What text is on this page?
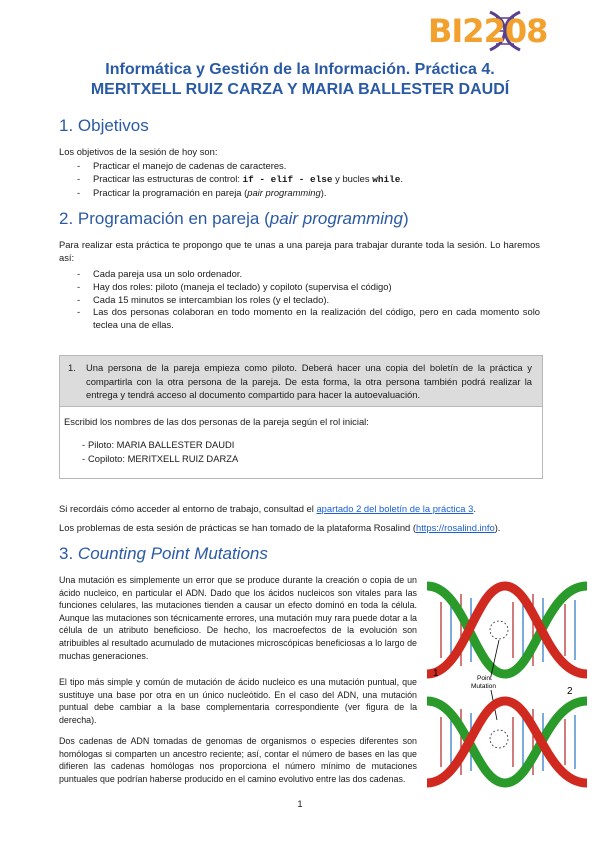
BI2208
Informática y Gestión de la Información. Práctica 4.
MERITXELL RUIZ CARZA Y MARIA BALLESTER DAUDÍ
1. Objetivos

Los objetivos de la sesión de hoy son:

- Practicar el manejo de cadenas de caracteres.
- Practicar las estructuras de control: if - elif - else y bucles while.
- Practicar la programación en pareja (pair programming).
2. Programación en pareja (pair programming)

Para realizar esta práctica te propongo que te unas a una pareja para trabajar durante toda la sesión. Lo haremos así:

- Cada pareja usa un solo ordenador.
- Hay dos roles: piloto (maneja el teclado) y copiloto (supervisa el código)
- Cada 15 minutos se intercambian los roles (y el teclado).
- Las dos personas colaboran en todo momento en la realización del código, pero en cada momento solo teclea una de ellas.
1. Una persona de la pareja empieza como piloto. Deberá hacer una copia del boletín de la práctica y compartirla con la otra persona de la pareja. De esta forma, la otra persona también podrá realizar la entrega y tendrá acceso al documento compartido para hacer la autoevaluación.
Escribid los nombres de las dos personas de la pareja según el rol inicial:
- Piloto: MARIA BALLESTER DAUDI
- Copiloto: MERITXELL RUIZ DARZA

Si recordáis cómo acceder al entorno de trabajo, consultad el apartado 2 del boletín de la práctica 3.

Los problemas de esta sesión de prácticas se han tomado de la plataforma Rosalind (https://rosalind.info).

3. Counting Point Mutations

Una mutación es simplemente un error que se produce durante la creación o copia de un ácido nucleico, en particular el ADN. Dado que los ácidos nucleicos son vitales para las funciones celulares, las mutaciones tienden a causar un efecto dominó en toda la célula. Aunque las mutaciones son técnicamente errores, una mutación muy rara puede dotar a la célula de un atributo beneficioso. De hecho, los macroefectos de la evolución son atribuibles al resultado acumulado de mutaciones microscópicas beneficiosas a lo largo de muchas generaciones.

El tipo más simple y común de mutación de ácido nucleico es una mutación puntual, que sustituye una base por otra en un único nucleótido. En el caso del ADN, una mutación puntual debe cambiar a la base complementaria correspondiente (ver figura de la derecha).

Dos cadenas de ADN tomadas de genomas de organismos o especies diferentes son homólogas si comparten un ancestro reciente; así, contar el número de bases en las que difieren las cadenas homólogas nos proporciona el número mínimo de mutaciones puntuales que podrían haberse producido en el camino evolutivo entre las dos cadenas.

1	Point
Mutation	2
1
